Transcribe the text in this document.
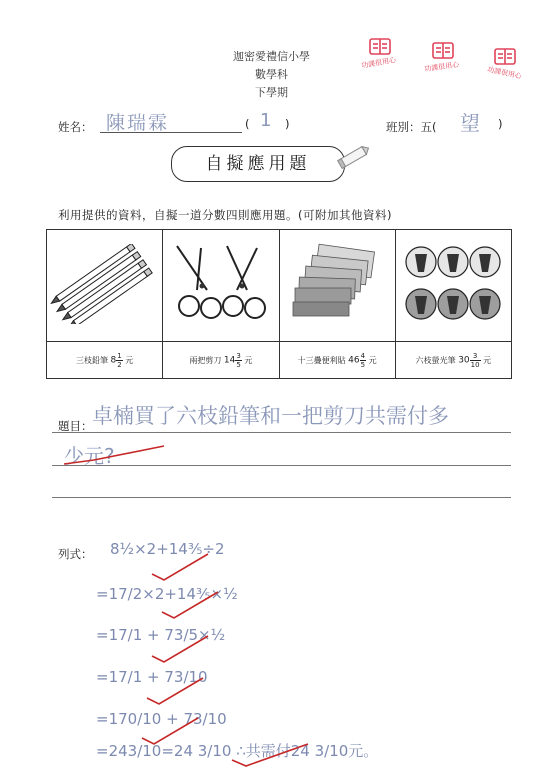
迦密愛禮信小學
數學科
下學期
功課很用心	功課很用心	功課很用心
姓名： 陳瑞霖	( 1 )	班別：五( 望 )
自擬應用題
利用提供的資料，自擬一道分數四則應用題。(可附加其他資料)

三枝鉛筆 $8 \frac{1}{2}$ 元	兩把剪刀 $14 \frac{3}{5}$ 元	十三疊便利貼 $46 \frac{4}{5}$ 元	六枝螢光筆 $30 \frac{3}{10}$ 元
題目： 卓楠買了六枝鉛筆和一把剪刀共需付多
少元?
列式： 8½×2+14⅗÷2
=17/2×2+14⅗×½
=17/1 + 73/5×½
=17/1 + 73/10
=170/10 + 73/10
=243/10=24 3/10 ∴共需付24 3/10元。
